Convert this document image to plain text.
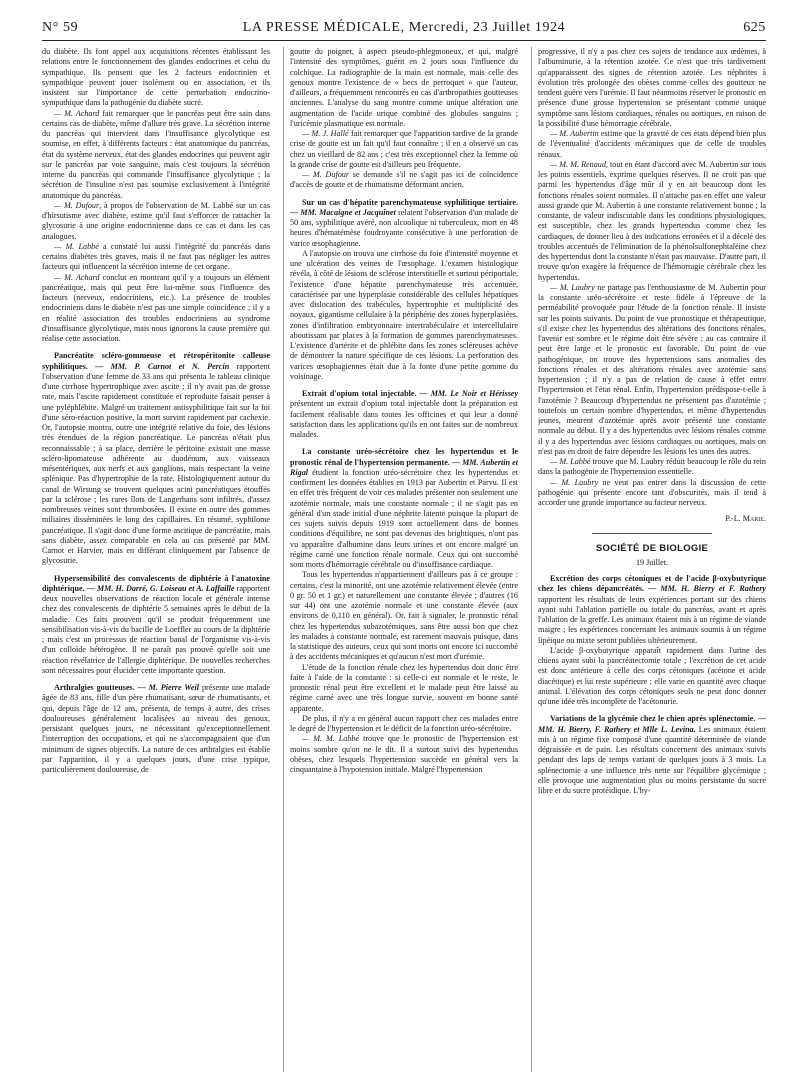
N° 59	LA PRESSE MÉDICALE, Mercredi, 23 Juillet 1924	625

du diabète. Ils font appel aux acquisitions récentes établissant les relations entre le fonctionnement des glandes endocrines et celui du sympathique. Ils pensent que les 2 facteurs endocrinien et sympathique peuvent jouer isolément ou en association, et ils insistent sur l'importance de cette perturbation endocrino-sympathique dans la pathogénie du diabète sucré.

— M. Achard fait remarquer que le pancréas peut être sain dans certains cas de diabète, même d'allure très grave. La sécrétion interne du pancréas qui intervient dans l'insuffisance glycolytique est soumise, en effet, à différents facteurs : état anatomique du pancréas, état du système nerveux, état des glandes endocrines qui peuvent agir sur le pancréas par voie sanguine, mais c'est toujours la sécrétion interne du pancréas qui commande l'insuffisance glycolytique ; la sécrétion de l'insuline n'est pas soumise exclusivement à l'intégrité anatomique du pancréas.

— M. Dufour, à propos de l'observation de M. Labbé sur un cas d'hirsutisme avec diabète, estime qu'il faut s'efforcer de rattacher la glycosurie à une origine endocrinienne dans ce cas et dans les cas analogues.

— M. Labbé a constaté lui aussi l'intégrité du pancréas dans certains diabètes très graves, mais il ne faut pas négliger les autres facteurs qui influencent la sécrétion interne de cet organe.

— M. Achard conclut en montrant qu'il y a toujours un élément pancréatique, mais qui peut être lui-même sous l'influence des facteurs (nerveux, endocriniens, etc.). La présence de troubles endocriniens dans le diabète n'est pas une simple coïncidence ; il y a en réalité association des troubles endocriniens au syndrome d'insuffisance glycolytique, mais nous ignorons la cause première qui réalise cette association.

Pancréatite scléro-gommeuse et rétropéritonite calleuse syphilitiques. — MM. P. Carnot et N. Percin rapportent l'observation d'une femme de 33 ans qui présenta le tableau clinique d'une cirrhose hypertrophique avec ascite ; il n'y avait pas de grosse rate, mais l'ascite rapidement constituée et reproduite faisait penser à une pyléphlébite. Malgré un traitement antisyphilitique fait sur la foi d'une séro-réaction positive, la mort survint rapidement par cachexie. Or, l'autopsie montra, outre une intégrité relative du foie, des lésions très étendues de la région pancréatique. Le pancréas n'était plus reconnaissable ; à sa place, derrière le péritoine existait une masse scléro-lipomateuse adhérente au duodénum, aux vaisseaux mésentériques, aux nerfs et aux ganglions, mais respectant la veine splénique. Pas d'hypertrophie de la rate. Histologiquement autour du canal de Wirsung se trouvent quelques acini pancréatiques étouffés par la sclérose ; les rares îlots de Langerhans sont infiltrés, d'assez nombreuses veines sont thrombosées. Il existe en outre des gommes miliaires disséminées le long des capillaires. En résumé, syphilome pancréatique. Il s'agit donc d'une forme ascitique de pancréatite, mais sans diabète, assez comparable en cela au cas présenté par MM. Carnot et Harvier, mais en différant cliniquement par l'absence de glycosurie.

Hypersensibilité des convalescents de diphtérie à l'anatoxine diphtérique. — MM. H. Darré, G. Loiseau et A. Laffaille rapportent deux nouvelles observations de réaction locale et générale intense chez des convalescents de diphtérie 5 semaines après le début de la maladie. Ces faits prouvent qu'il se produit fréquemment une sensibilisation vis-à-vis du bacille de Loeffler au cours de la diphtérie ; mais c'est un processus de réaction banal de l'organisme vis-à-vis d'un colloïde hétérogène. Il ne paraît pas prouvé qu'elle soit une réaction révélatrice de l'allergie diphtérique. De nouvelles recherches sont nécessaires pour élucider cette importante question.

Arthralgies goutteuses. — M. Pierre Weil présente une malade âgée de 83 ans, fille d'un père rhumatisant, sœur de rhumatisants, et qui, depuis l'âge de 12 ans, présenta, de temps à autre, des crises douloureuses généralement localisées au niveau des genoux, persistant quelques jours, ne nécessitant qu'exceptionnellement l'interruption des occupations, et qui ne s'accompagnaient que d'un minimum de signes objectifs. La nature de ces arthralgies est établie par l'apparition, il y a quelques jours, d'une crise typique, particulièrement douloureuse, de

goutte du poignet, à aspect pseudo-phlegmoneux, et qui, malgré l'intensité des symptômes, guérit en 2 jours sous l'influence du colchique. La radiographie de la main est normale, mais celle des genoux montre l'existence de « becs de perroquet » que l'auteur, d'ailleurs, a fréquemment rencontrés en cas d'arthropathies goutteuses anciennes. L'analyse du sang montre comme unique altération une augmentation de l'acide urique combiné des globules sanguins ; l'uricémie plasmatique est normale.

— M. J. Hallé fait remarquer que l'apparition tardive de la grande crise de goutte est un fait qu'il faut connaître ; il en a observé un cas chez un vieillard de 82 ans ; c'est très exceptionnel chez la femme où la grande crise de goutte est d'ailleurs peu fréquente.

— M. Dufour se demande s'il ne s'agit pas ici de coïncidence d'accès de goutte et de rhumatisme déformant ancien.

Sur un cas d'hépatite parenchymateuse syphilitique tertiaire. — MM. Macaigne et Jacquinet relatent l'observation d'un malade de 50 ans, syphilitique avéré, non alcoolique ni tuberculeux, mort en 48 heures d'hématémèse foudroyante consécutive à une perforation de varice œsophagienne.

A l'autopsie on trouva une cirrhose du foie d'intensité moyenne et une ulcération des veines de l'œsophage. L'examen histologique révéla, à côté de lésions de sclérose interstitielle et surtout périportale, l'existence d'une hépatite parenchymateuse très accentuée, caractérisée par une hyperplasie considérable des cellules hépatiques avec dislocation des trabécules, hypertrophie et multiplicité des noyaux, gigantisme cellulaire à la périphérie des zones hyperplasiées, zones d'infiltration embryonnaire intertrabéculaire et intercellulaire aboutissant par places à la formation de gommes parenchymateuses. L'existence d'artérite et de phlébite dans les zones scléreuses achève de démontrer la nature spécifique de ces lésions. La perforation des varices œsophagiennes était due à la fonte d'une petite gomme du voisinage.

Extrait d'opium total injectable. — MM. Le Noir et Hérissey présentent un extrait d'opium total injectable dont la préparation est facilement réalisable dans toutes les officines et qui leur a donné satisfaction dans les applications qu'ils en ont faites sur de nombreux malades.

La constante uréo-sécrétoire chez les hypertendus et le pronostic rénal de l'hypertension permanente. — MM. Aubertin et Rigal étudient la fonction uréo-sécrétoire chez les hypertendus et confirment les données établies en 1913 par Aubertin et Parvu. Il est en effet très fréquent de voir ces malades présenter non seulement une azotémie normale, mais une constante normale ; il ne s'agit pas en général d'un stade initial d'une néphrite latente puisque la plupart de ces sujets suivis depuis 1919 sont actuellement dans de bonnes conditions d'équilibre, ne sont pas devenus des brightiques, n'ont pas vu apparaître d'albumine dans leurs urines et ont encore malgré un régime carné une fonction rénale normale. Ceux qui ont succombé sont morts d'hémorragie cérébrale ou d'insuffisance cardiaque.

Tous les hypertendus n'appartiennent d'ailleurs pas à ce groupe : certains, c'est la minorité, ont une azotémie relativement élevée (entre 0 gr. 50 et 1 gr.) et naturellement une constante élevée ; d'autres (16 sur 44) ont une azotémie normale et une constante élevée (aux environs de 0,110 en général). Or, fait à signaler, le pronostic rénal chez les hypertendus subazotémiques, sans être aussi bon que chez les malades à constante normale, est rarement mauvais puisque, dans la statistique des auteurs, ceux qui sont morts ont encore ici succombé à des accidents mécaniques et qu'aucun n'est mort d'urémie.

L'étude de la fonction rénale chez les hypertendus doit donc être faite à l'aide de la constante : si celle-ci est normale et le reste, le pronostic rénal peut être excellent et le malade peut être laissé au régime carné avec une très longue survie, souvent en bonne santé apparente.

De plus, il n'y a en général aucun rapport chez ces malades entre le degré de l'hypertension et le déficit de la fonction uréo-sécrétoire.

— M. M. Labbé trouve que le pronostic de l'hypertension est moins sombre qu'on ne le dit. Il a surtout suivi des hypertendus obèses, chez lesquels l'hypertension succède en général vers la cinquantaine à l'hypotension initiale. Malgré l'hypertension

progressive, il n'y a pas chez ces sujets de tendance aux œdèmes, à l'albuminurie, à la rétention azotée. Ce n'est que très tardivement qu'apparaissent des signes de rétention azotée. Les néphrites à évolution très prolongée des obèses comme celles des goutteux ne tendent guère vers l'urémie. Il faut néanmoins réserver le pronostic en présence d'une grosse hypertension se présentant comme unique symptôme sans lésions cardiaques, rénales ou aortiques, en raison de la possibilité d'une hémorragie cérébrale.

— M. Aubertin estime que la gravité de ces états dépend bien plus de l'éventualité d'accidents mécaniques que de celle de troubles rénaux.

— M. M. Renaud, tout en étant d'accord avec M. Aubertin sur tous les points essentiels, exprime quelques réserves. Il ne croit pas que parmi les hypertendus d'âge mûr il y en ait beaucoup dont les fonctions rénales soient normales. Il n'attache pas en effet une valeur aussi grande que M. Aubertin à une constante relativement bonne ; la constante, de valeur indiscutable dans les conditions physiologiques, est susceptible, chez les grands hypertendus comme chez les cardiaques, de donner lieu à des indications erronées et il a décelé des troubles accentués de l'élimination de la phénolsulfonephtaléine chez des hypertendus dont la constante n'était pas mauvaise. D'autre part, il trouve qu'on exagère la fréquence de l'hémorragie cérébrale chez les hypertendus.

— M. Laubry ne partage pas l'enthousiasme de M. Aubertin pour la constante uréo-sécrétoire et reste fidèle à l'épreuve de la perméabilité provoquée pour l'étude de la fonction rénale. Il insiste sur les points suivants. Du point de vue pronostique et thérapeutique, s'il existe chez les hypertendus des altérations des fonctions rénales, l'avenir est sombre et le régime doit être sévère ; au cas contraire il peut être large et le pronostic est favorable. Du point de vue pathogénique, on trouve des hypertensions sans anomalies des fonctions rénales et des altérations rénales avec azotémie sans hypertension ; il n'y a pas de relation de cause à effet entre l'hypertension et l'état rénal. Enfin, l'hypertension prédispose-t-elle à l'azotémie ? Beaucoup d'hypertendus ne présentent pas d'azotémie ; toutefois un certain nombre d'hypertendus, et même d'hypertendus jeunes, meurent d'azotémie après avoir présenté une constante normale au début. Il y a des hypertendus avec lésions rénales comme il y a des hypertendus avec lésions cardiaques ou aortiques, mais on n'est pas en droit de faire dépendre les lésions les unes des autres.

— M. Labbé trouve que M. Laubry réduit beaucoup le rôle du rein dans la pathogénie de l'hypertension essentielle.

— M. Laubry ne veut pas entrer dans la discussion de cette pathogénie qui présente encore tant d'obscurités, mais il tend à accorder une grande importance au facteur nerveux.

P.-L. Marie.

SOCIÉTÉ DE BIOLOGIE

19 Juillet.

Excrétion des corps cétoniques et de l'acide β-oxybutyrique chez les chiens dépancréatés. — MM. H. Bierry et F. Rathery rapportent les résultats de leurs expériences portant sur des chiens ayant subi l'ablation partielle ou totale du pancréas, avant et après l'ablation de la greffe. Les animaux étaient mis à un régime de viande maigre ; les expériences concernant les animaux soumis à un régime lipéique ou mixte seront publiées ultérieurement.

L'acide β-oxybutyrique apparaît rapidement dans l'urine des chiens ayant subi la pancréatectomie totale ; l'excrétion de cet acide est donc antérieure à celle des corps cétoniques (acétone et acide diacétique) et lui reste supérieure ; elle varie en quantité avec chaque animal. L'élévation des corps cétoniques seuls ne peut donc donner qu'une idée très incomplète de l'acétonurie.

Variations de la glycémie chez le chien après splénectomie. — MM. H. Bierry, F. Rathery et Mlle L. Levina. Les animaux étaient mis à un régime fixe composé d'une quantité déterminée de viande dégraissée et de pain. Les résultats concernent des animaux suivis pendant des laps de temps variant de quelques jours à 3 mois. La splénectomie a une influence très nette sur l'équilibre glycémique ; elle provoque une augmentation plus ou moins persistante du sucre libre et du sucre protéidique. L'hy-
